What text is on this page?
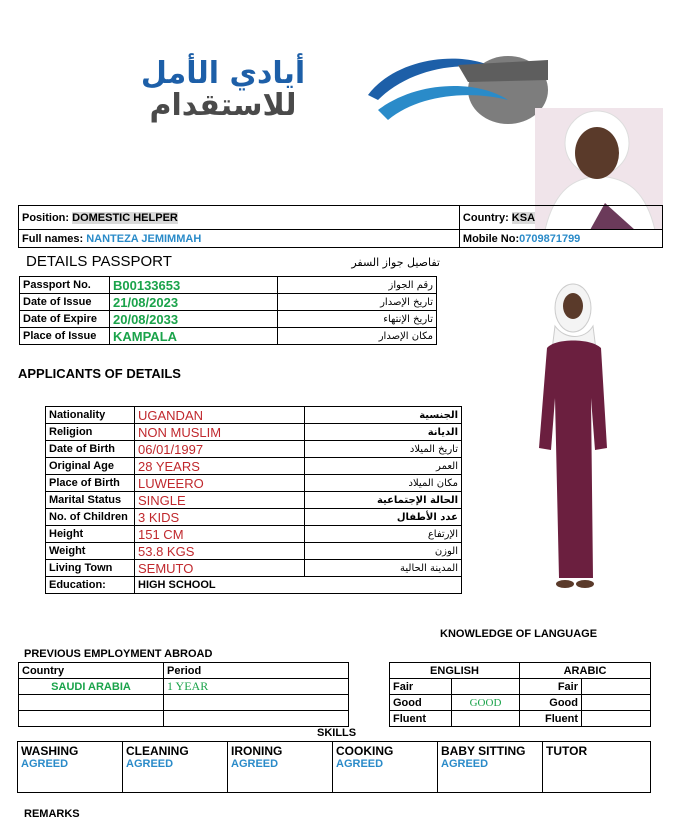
أيادي الأمل
للاستقدام
Position: DOMESTIC HELPER	Country: KSA
Full names: NANTEZA JEMIMMAH	Mobile No:0709871799
DETAILS PASSPORT	تفاصيل جواز السفر
Passport No.	B00133653	رقم الجواز
Date of Issue	21/08/2023	تاريخ الإصدار
Date of Expire	20/08/2033	تاريخ الإنتهاء
Place of Issue	KAMPALA	مكان الإصدار
APPLICANTS OF DETAILS
Nationality	UGANDAN	الجنسية
Religion	NON MUSLIM	الديانة
Date of Birth	06/01/1997	تاريخ الميلاد
Original Age	28 YEARS	العمر
Place of Birth	LUWEERO	مكان الميلاد
Marital Status	SINGLE	الحالة الإجتماعية
No. of Children	3 KIDS	عدد الأطفال
Height	151 CM	الإرتفاع
Weight	53.8 KGS	الوزن
Living Town	SEMUTO	المدينة الحالية
Education:	HIGH SCHOOL	
KNOWLEDGE OF LANGUAGE
PREVIOUS EMPLOYMENT ABROAD
Country	Period
SAUDI ARABIA	1 YEAR

ENGLISH		ARABIC	
Fair		Fair	
Good	GOOD	Good	
Fluent		Fluent	
SKILLS
WASHING
AGREED

CLEANING
AGREED

IRONING
AGREED

COOKING
AGREED

BABY SITTING
AGREED

TUTOR
REMARKS
